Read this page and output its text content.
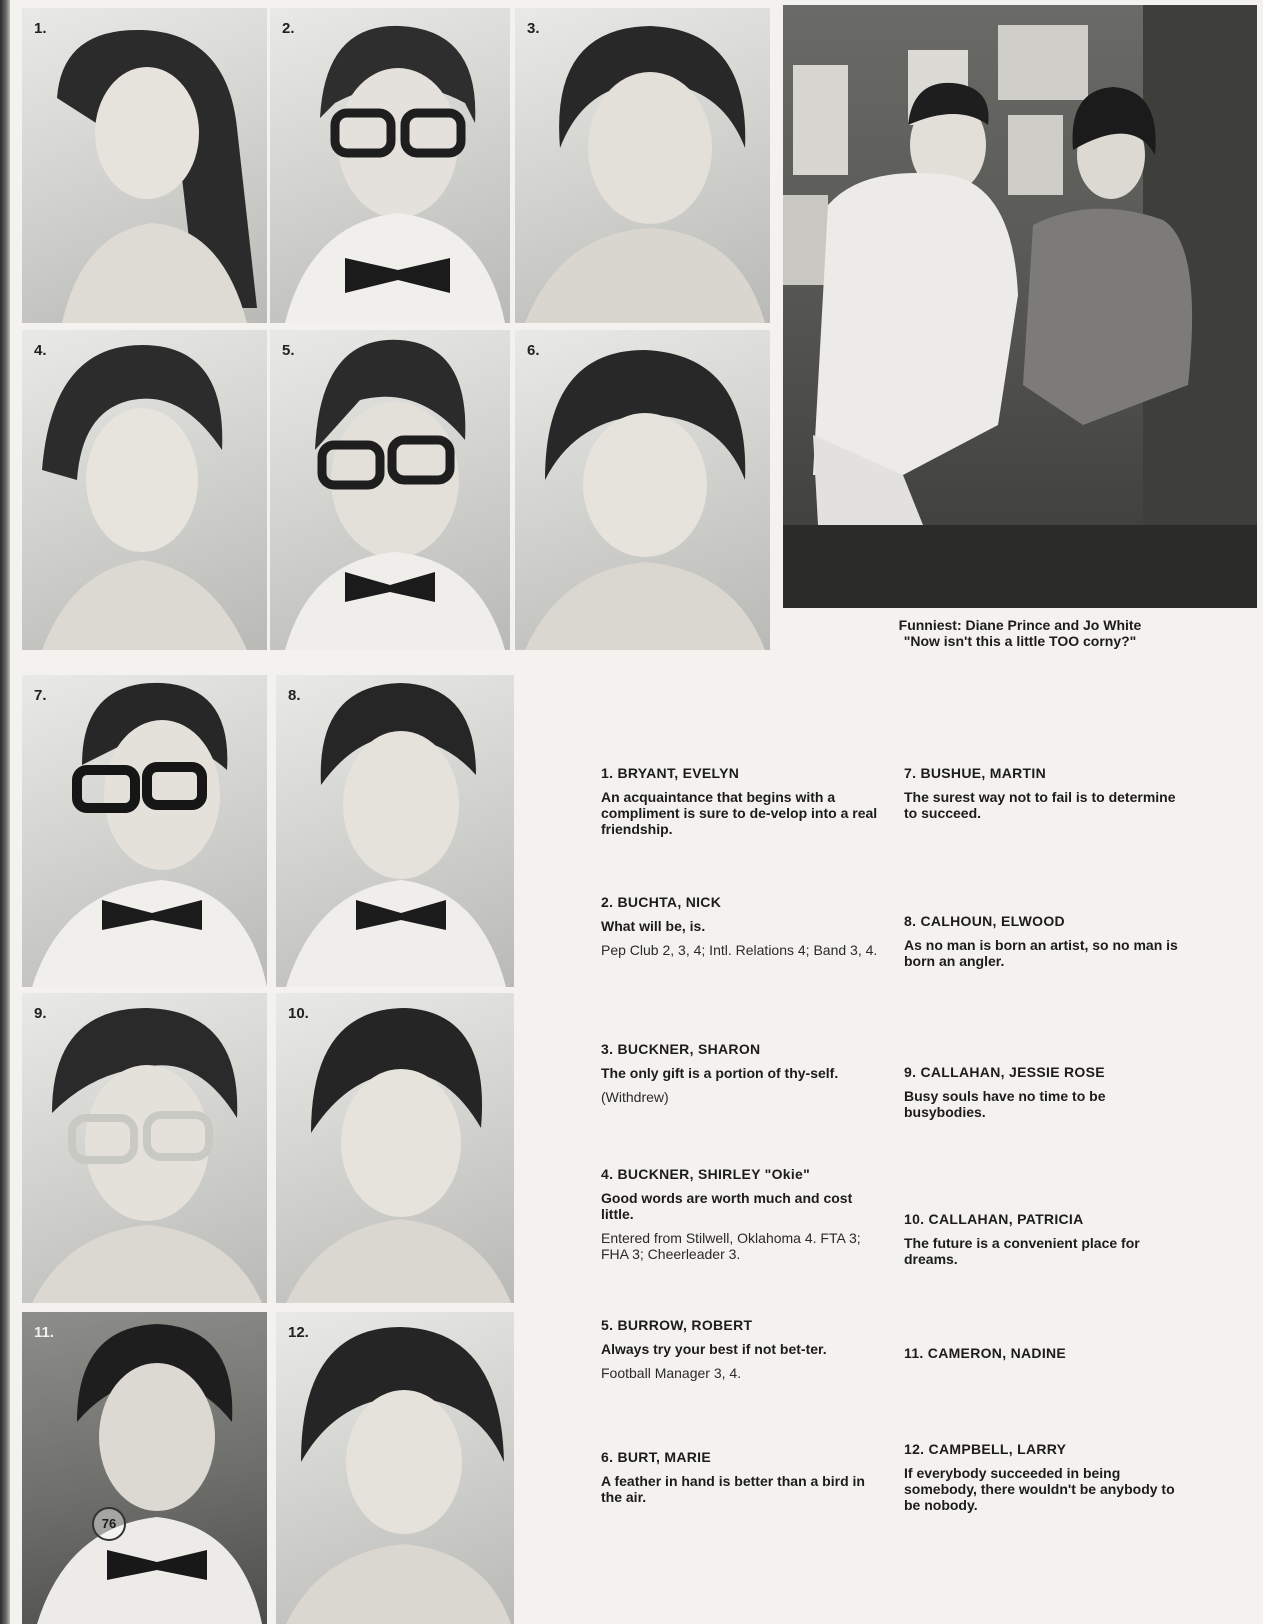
1.	2.	3.
4.	5.	6.
7.	8.
9.	10.
11.
76
12.
Funniest: Diane Prince and Jo White
"Now isn't this a little TOO corny?"
1. BRYANT, EVELYN
An acquaintance that begins with a compliment is sure to de-velop into a real friendship.
2. BUCHTA, NICK
What will be, is.
Pep Club 2, 3, 4; Intl. Relations 4; Band 3, 4.
3. BUCKNER, SHARON
The only gift is a portion of thy-self.
(Withdrew)
4. BUCKNER, SHIRLEY "Okie"
Good words are worth much and cost little.
Entered from Stilwell, Oklahoma 4. FTA 3; FHA 3; Cheerleader 3.
5. BURROW, ROBERT
Always try your best if not bet-ter.
Football Manager 3, 4.
6. BURT, MARIE
A feather in hand is better than a bird in the air.
7. BUSHUE, MARTIN
The surest way not to fail is to determine to succeed.
8. CALHOUN, ELWOOD
As no man is born an artist, so no man is born an angler.
9. CALLAHAN, JESSIE ROSE
Busy souls have no time to be busybodies.
10. CALLAHAN, PATRICIA
The future is a convenient place for dreams.
11. CAMERON, NADINE
12. CAMPBELL, LARRY
If everybody succeeded in being somebody, there wouldn't be anybody to be nobody.
